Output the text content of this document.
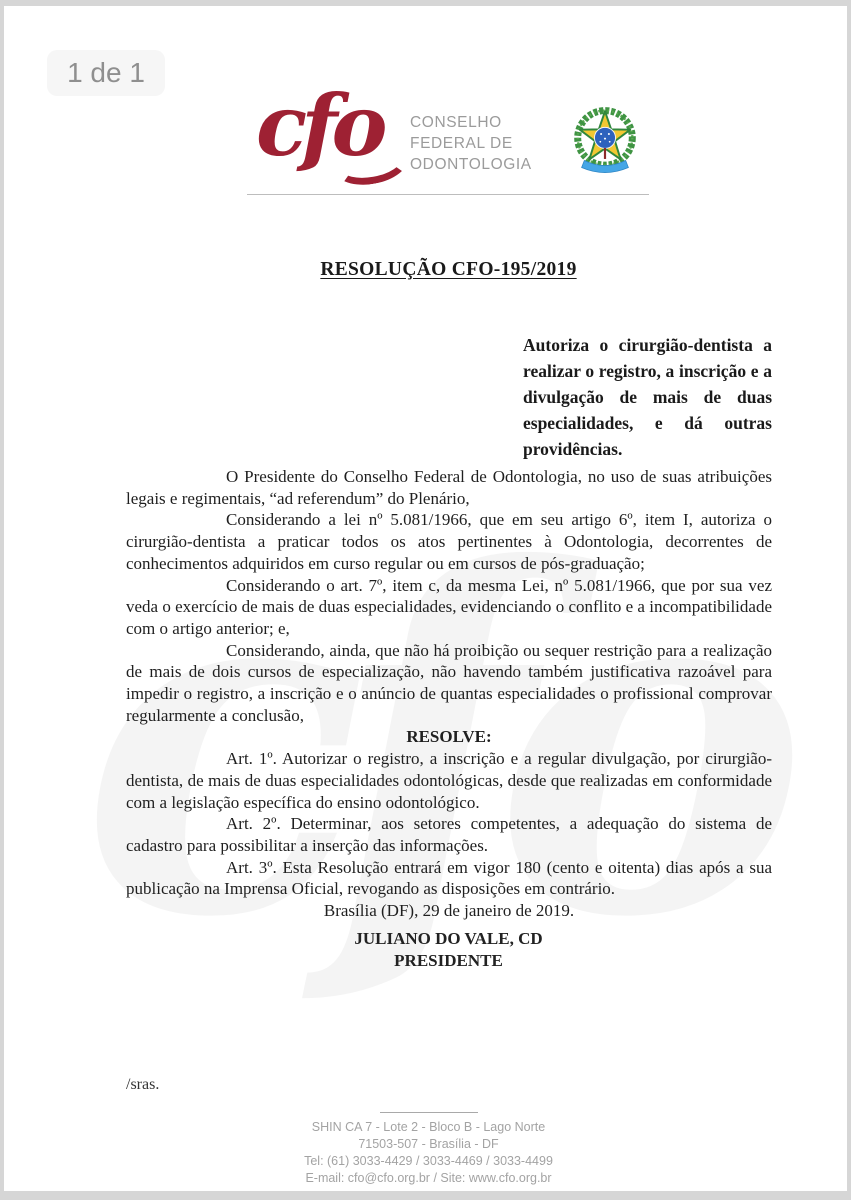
1 de 1
cfo CONSELHO
FEDERAL DE
ODONTOLOGIA
RESOLUÇÃO CFO-195/2019

Autoriza o cirurgião-dentista a realizar o registro, a inscrição e a divulgação de mais de duas especialidades, e dá outras providências.

O Presidente do Conselho Federal de Odontologia, no uso de suas atribuições legais e regimentais, “ad referendum” do Plenário,

Considerando a lei nº 5.081/1966, que em seu artigo 6º, item I, autoriza o cirurgião-dentista a praticar todos os atos pertinentes à Odontologia, decorrentes de conhecimentos adquiridos em curso regular ou em cursos de pós-graduação;

Considerando o art. 7º, item c, da mesma Lei, nº 5.081/1966, que por sua vez veda o exercício de mais de duas especialidades, evidenciando o conflito e a incompatibilidade com o artigo anterior; e,

Considerando, ainda, que não há proibição ou sequer restrição para a realização de mais de dois cursos de especialização, não havendo também justificativa razoável para impedir o registro, a inscrição e o anúncio de quantas especialidades o profissional comprovar regularmente a conclusão,

RESOLVE:

Art. 1º. Autorizar o registro, a inscrição e a regular divulgação, por cirurgião-dentista, de mais de duas especialidades odontológicas, desde que realizadas em conformidade com a legislação específica do ensino odontológico.

Art. 2º. Determinar, aos setores competentes, a adequação do sistema de cadastro para possibilitar a inserção das informações.

Art. 3º. Esta Resolução entrará em vigor 180 (cento e oitenta) dias após a sua publicação na Imprensa Oficial, revogando as disposições em contrário.

Brasília (DF), 29 de janeiro de 2019.

JULIANO DO VALE, CD
PRESIDENTE
/sras.
SHIN CA 7 - Lote 2 - Bloco B - Lago Norte
71503-507 - Brasília - DF
Tel: (61) 3033-4429 / 3033-4469 / 3033-4499
E-mail: cfo@cfo.org.br / Site: www.cfo.org.br
